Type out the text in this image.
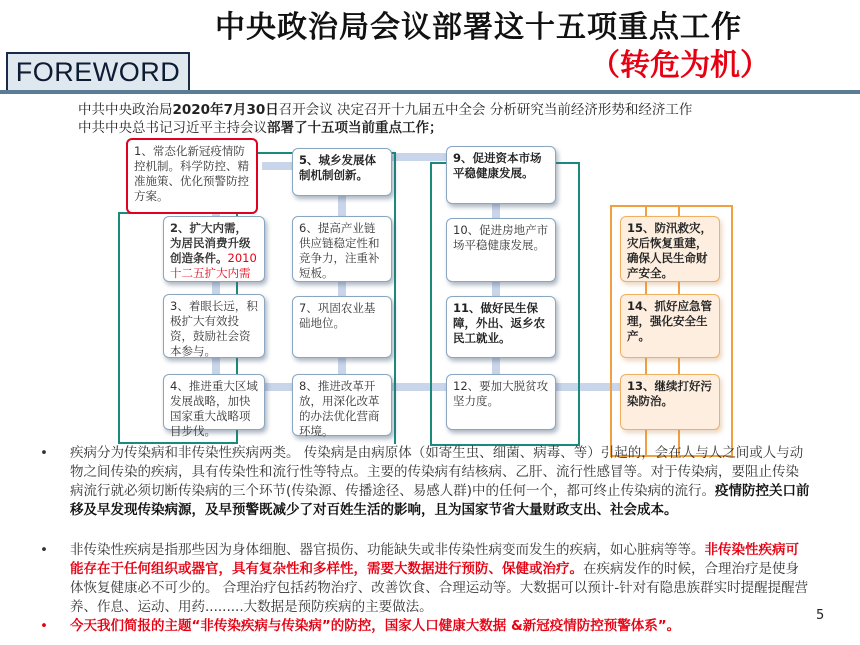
中央政治局会议部署这十五项重点工作
（转危为机）
FOREWORD
中共中央政治局2020年7月30日召开会议 决定召开十九届五中全会 分析研究当前经济形势和经济工作
中共中央总书记习近平主持会议部署了十五项当前重点工作；
1、常态化新冠疫情防控机制。科学防控、精准施策、优化预警防控方案。
2、扩大内需，为居民消费升级创造条件。2010 十二五扩大内需
3、着眼长远，积极扩大有效投资，鼓励社会资本参与。
4、推进重大区域发展战略，加快国家重大战略项目步伐。
5、城乡发展体制机制创新。
6、提高产业链供应链稳定性和竞争力，注重补短板。
7、巩固农业基础地位。
8、推进改革开放，用深化改革的办法优化营商环境。
9、促进资本市场平稳健康发展。
10、促进房地产市场平稳健康发展。
11、做好民生保障，外出、返乡农民工就业。
12、要加大脱贫攻坚力度。
15、防汛救灾，灾后恢复重建，确保人民生命财产安全。
14、抓好应急管理，强化安全生产。
13、继续打好污染防治。
•	疾病分为传染病和非传染性疾病两类。 传染病是由病原体（如寄生虫、细菌、病毒、等）引起的，会在人与人之间或人与动物之间传染的疾病，具有传染性和流行性等特点。主要的传染病有结核病、乙肝、流行性感冒等。对于传染病，要阻止传染病流行就必须切断传染病的三个环节(传染源、传播途径、易感人群)中的任何一个，都可终止传染病的流行。疫情防控关口前移及早发现传染病源，及早预警既减少了对百姓生活的影响，且为国家节省大量财政支出、社会成本。
•	非传染性疾病是指那些因为身体细胞、器官损伤、功能缺失或非传染性病变而发生的疾病，如心脏病等等。非传染性疾病可能存在于任何组织或器官，具有复杂性和多样性，需要大数据进行预防、保健或治疗。在疾病发作的时候，合理治疗是使身体恢复健康必不可少的。 合理治疗包括药物治疗、改善饮食、合理运动等。大数据可以预计-针对有隐患族群实时提醒提醒营养、作息、运动、用药.........大数据是预防疾病的主要做法。
•	今天我们简报的主题“非传染疾病与传染病”的防控，国家人口健康大数据 &新冠疫情防控预警体系”。
5
